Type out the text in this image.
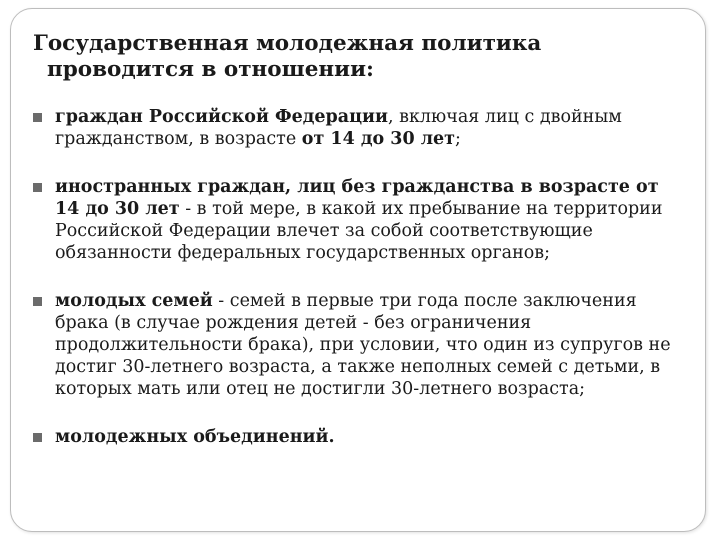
Государственная молодежная политика
проводится в отношении:
граждан Российской Федерации, включая лиц с двойным гражданством, в возрасте от 14 до 30 лет;
иностранных граждан, лиц без гражданства в возрасте от 14 до 30 лет - в той мере, в какой их пребывание на территории Российской Федерации влечет за собой соответствующие обязанности федеральных государственных органов;
молодых семей - семей в первые три года после заключения брака (в случае рождения детей - без ограничения продолжительности брака), при условии, что один из супругов не достиг 30-летнего возраста, а также неполных семей с детьми, в которых мать или отец не достигли 30-летнего возраста;
молодежных объединений.
